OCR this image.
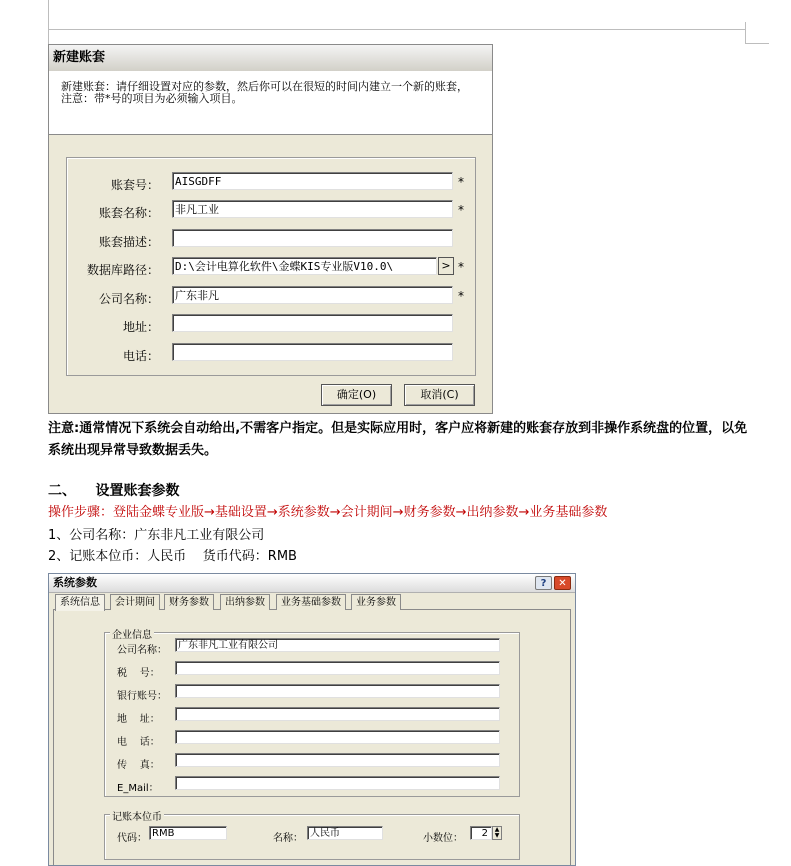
新建账套
新建账套：请仔细设置对应的参数，然后你可以在很短的时间内建立一个新的账套，注意：带*号的项目为必须输入项目。
账套号： AISGDFF	*
账套名称： 非凡工业	*
账套描述：
数据库路径： D:\会计电算化软件\金蝶KIS专业版V10.0\	> *
公司名称： 广东非凡	*
地址：
电话：
确定(O)	取消(C)
注意:通常情况下系统会自动给出,不需客户指定。但是实际应用时，客户应将新建的账套存放到非操作系统盘的位置，以免系统出现异常导致数据丢失。
二、    设置账套参数
操作步骤：登陆金蝶专业版→基础设置→系统参数→会计期间→财务参数→出纳参数→业务基础参数
1、公司名称：广东非凡工业有限公司
2、记账本位币：人民币    货币代码：RMB
系统参数	?	✕
系统信息	会计期间	财务参数	出纳参数	业务基础参数	业务参数
企业信息
公司名称：	广东非凡工业有限公司
税    号：
银行账号：
地    址：
电    话：
传    真：
E_Mail：
记账本位币
代码： RMB	名称： 人民币	小数位：	2	▲
▼
